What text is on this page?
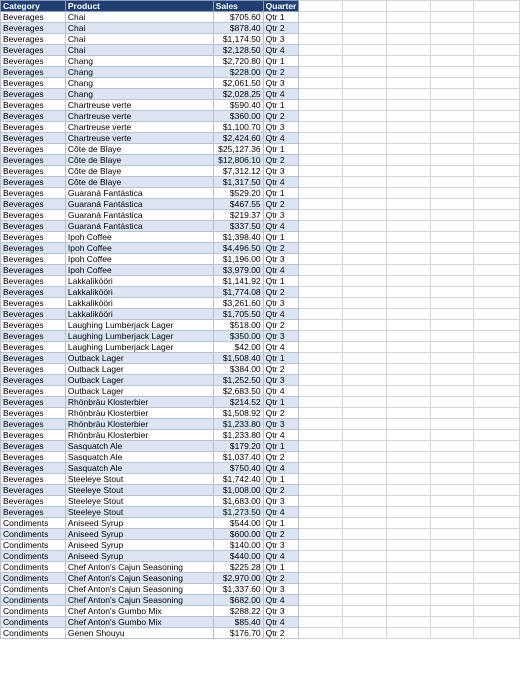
Category	Product	Sales	Quarter					
Beverages	Chai	$705.60	Qtr 1					
Beverages	Chai	$878.40	Qtr 2					
Beverages	Chai	$1,174.50	Qtr 3					
Beverages	Chai	$2,128.50	Qtr 4					
Beverages	Chang	$2,720.80	Qtr 1					
Beverages	Chang	$228.00	Qtr 2					
Beverages	Chang	$2,061.50	Qtr 3					
Beverages	Chang	$2,028.25	Qtr 4					
Beverages	Chartreuse verte	$590.40	Qtr 1					
Beverages	Chartreuse verte	$360.00	Qtr 2					
Beverages	Chartreuse verte	$1,100.70	Qtr 3					
Beverages	Chartreuse verte	$2,424.60	Qtr 4					
Beverages	Côte de Blaye	$25,127.36	Qtr 1					
Beverages	Côte de Blaye	$12,806.10	Qtr 2					
Beverages	Côte de Blaye	$7,312.12	Qtr 3					
Beverages	Côte de Blaye	$1,317.50	Qtr 4					
Beverages	Guaraná Fantástica	$529.20	Qtr 1					
Beverages	Guaraná Fantástica	$467.55	Qtr 2					
Beverages	Guaraná Fantástica	$219.37	Qtr 3					
Beverages	Guaraná Fantástica	$337.50	Qtr 4					
Beverages	Ipoh Coffee	$1,398.40	Qtr 1					
Beverages	Ipoh Coffee	$4,496.50	Qtr 2					
Beverages	Ipoh Coffee	$1,196.00	Qtr 3					
Beverages	Ipoh Coffee	$3,979.00	Qtr 4					
Beverages	Lakkalikööri	$1,141.92	Qtr 1					
Beverages	Lakkalikööri	$1,774.08	Qtr 2					
Beverages	Lakkalikööri	$3,261.60	Qtr 3					
Beverages	Lakkalikööri	$1,705.50	Qtr 4					
Beverages	Laughing Lumberjack Lager	$518.00	Qtr 2					
Beverages	Laughing Lumberjack Lager	$350.00	Qtr 3					
Beverages	Laughing Lumberjack Lager	$42.00	Qtr 4					
Beverages	Outback Lager	$1,508.40	Qtr 1					
Beverages	Outback Lager	$384.00	Qtr 2					
Beverages	Outback Lager	$1,252.50	Qtr 3					
Beverages	Outback Lager	$2,683.50	Qtr 4					
Beverages	Rhönbräu Klosterbier	$214.52	Qtr 1					
Beverages	Rhönbräu Klosterbier	$1,508.92	Qtr 2					
Beverages	Rhönbräu Klosterbier	$1,233.80	Qtr 3					
Beverages	Rhönbräu Klosterbier	$1,233.80	Qtr 4					
Beverages	Sasquatch Ale	$179.20	Qtr 1					
Beverages	Sasquatch Ale	$1,037.40	Qtr 2					
Beverages	Sasquatch Ale	$750.40	Qtr 4					
Beverages	Steeleye Stout	$1,742.40	Qtr 1					
Beverages	Steeleye Stout	$1,008.00	Qtr 2					
Beverages	Steeleye Stout	$1,683.00	Qtr 3					
Beverages	Steeleye Stout	$1,273.50	Qtr 4					
Condiments	Aniseed Syrup	$544.00	Qtr 1					
Condiments	Aniseed Syrup	$600.00	Qtr 2					
Condiments	Aniseed Syrup	$140.00	Qtr 3					
Condiments	Aniseed Syrup	$440.00	Qtr 4					
Condiments	Chef Anton's Cajun Seasoning	$225.28	Qtr 1					
Condiments	Chef Anton's Cajun Seasoning	$2,970.00	Qtr 2					
Condiments	Chef Anton's Cajun Seasoning	$1,337.60	Qtr 3					
Condiments	Chef Anton's Cajun Seasoning	$682.00	Qtr 4					
Condiments	Chef Anton's Gumbo Mix	$288.22	Qtr 3					
Condiments	Chef Anton's Gumbo Mix	$85.40	Qtr 4					
Condiments	Genen Shouyu	$176.70	Qtr 2					
